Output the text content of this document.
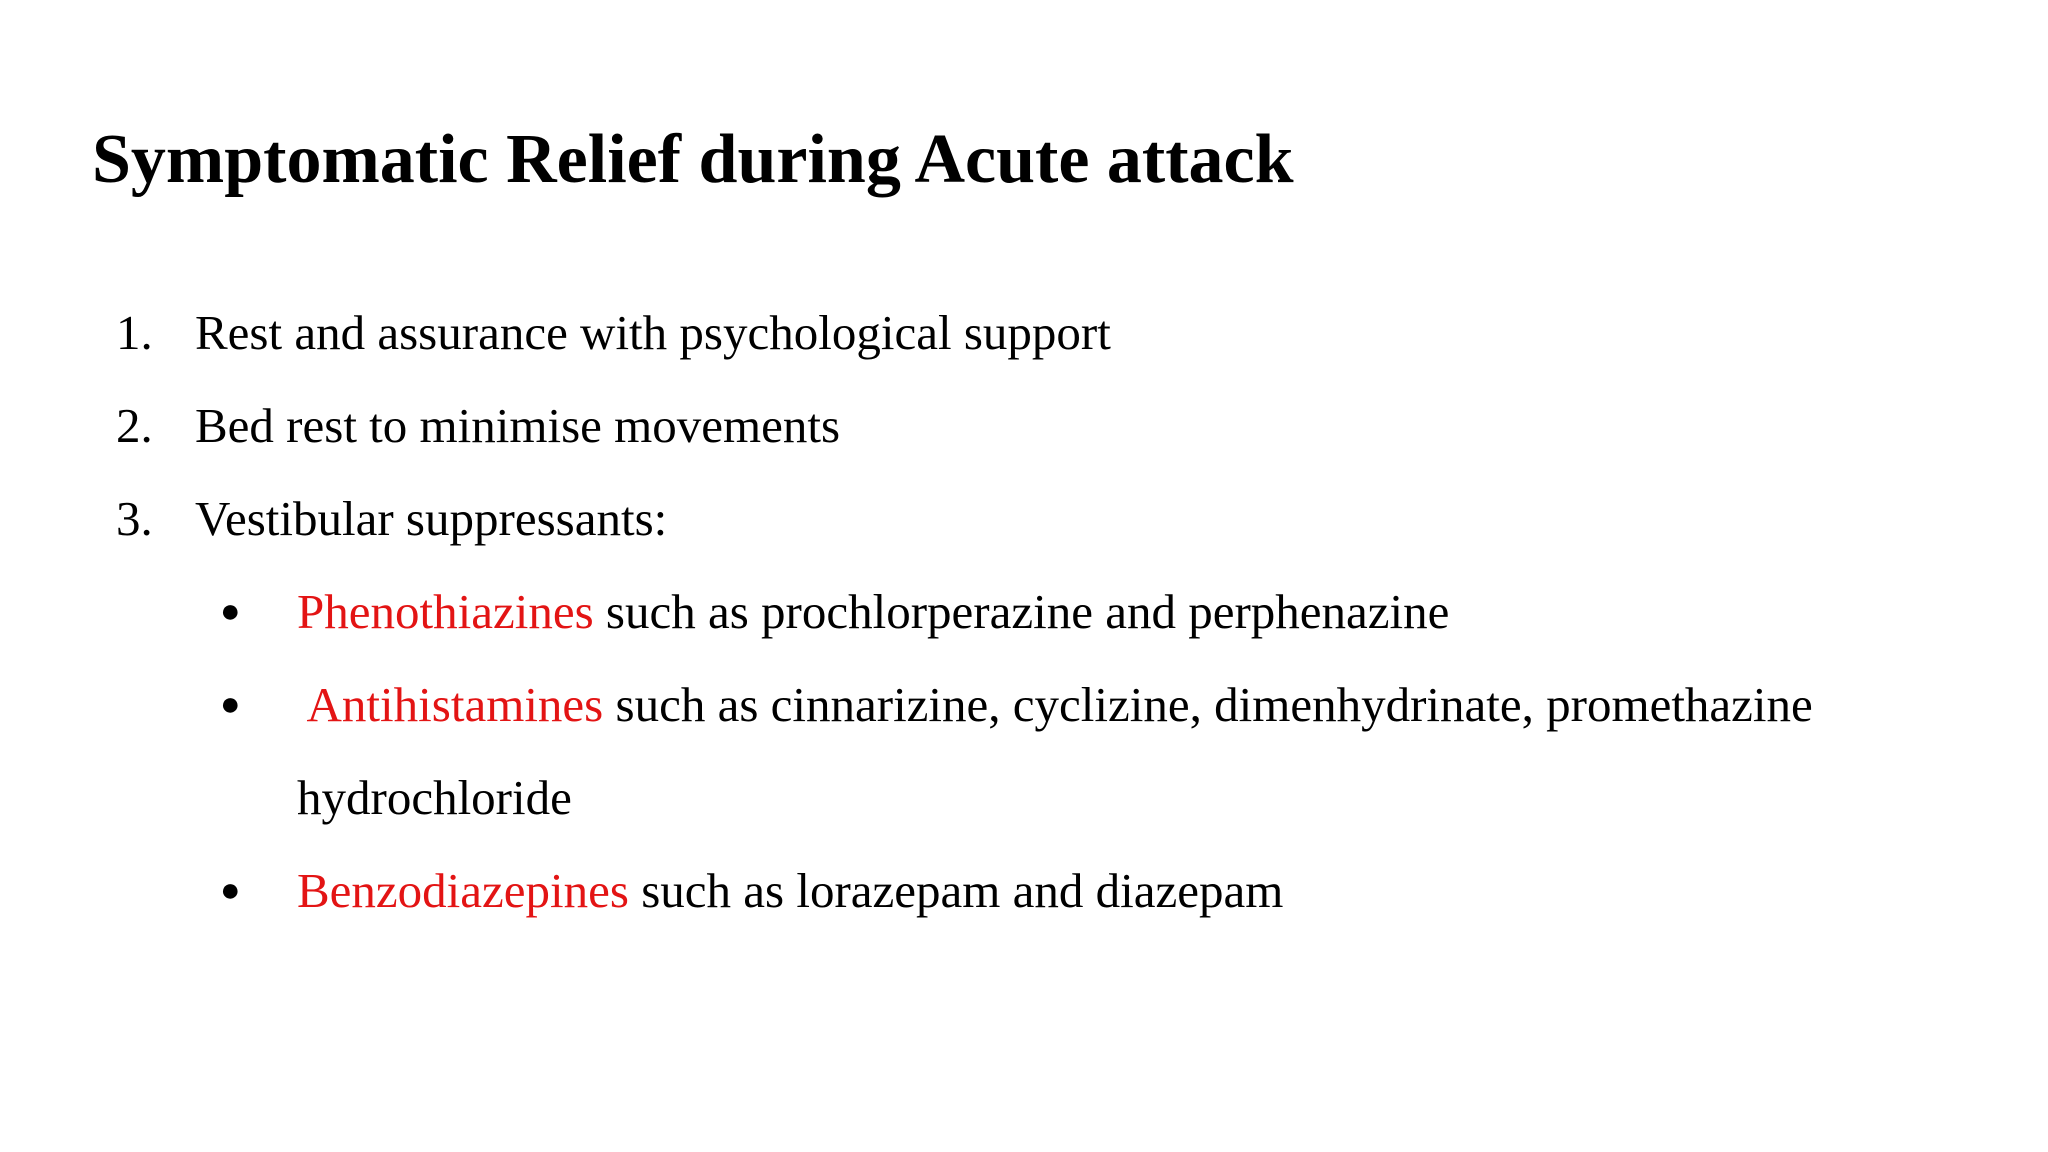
Symptomatic Relief during Acute attack
1. Rest and assurance with psychological support

2. Bed rest to minimise movements

3. Vestibular suppressants:

● Phenothiazines such as prochlorperazine and perphenazine

● Antihistamines such as cinnarizine, cyclizine, dimenhydrinate, promethazine

hydrochloride

● Benzodiazepines such as lorazepam and diazepam
